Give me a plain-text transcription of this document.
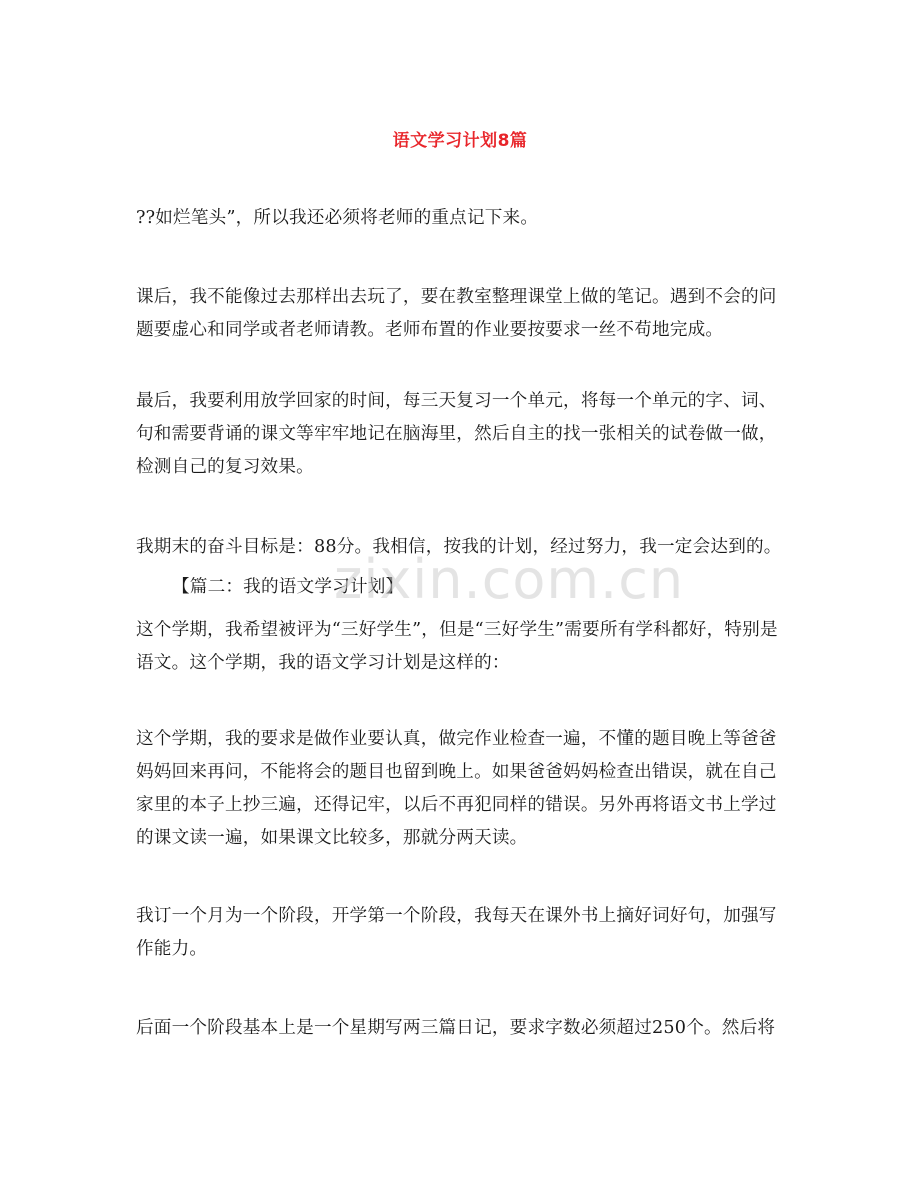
语文学习计划8篇

??如烂笔头”，所以我还必须将老师的重点记下来。

课后，我不能像过去那样出去玩了，要在教室整理课堂上做的笔记。遇到不会的问题要虚心和同学或者老师请教。老师布置的作业要按要求一丝不苟地完成。

最后，我要利用放学回家的时间，每三天复习一个单元，将每一个单元的字、词、句和需要背诵的课文等牢牢地记在脑海里，然后自主的找一张相关的试卷做一做，检测自己的复习效果。

我期末的奋斗目标是：88分。我相信，按我的计划，经过努力，我一定会达到的。

【篇二：我的语文学习计划】

这个学期，我希望被评为“三好学生”，但是“三好学生”需要所有学科都好，特别是语文。这个学期，我的语文学习计划是这样的：

这个学期，我的要求是做作业要认真，做完作业检查一遍，不懂的题目晚上等爸爸妈妈回来再问，不能将会的题目也留到晚上。如果爸爸妈妈检查出错误，就在自己家里的本子上抄三遍，还得记牢，以后不再犯同样的错误。另外再将语文书上学过的课文读一遍，如果课文比较多，那就分两天读。

我订一个月为一个阶段，开学第一个阶段，我每天在课外书上摘好词好句，加强写作能力。

后面一个阶段基本上是一个星期写两三篇日记，要求字数必须超过250个。然后将

zixin.com.cn
